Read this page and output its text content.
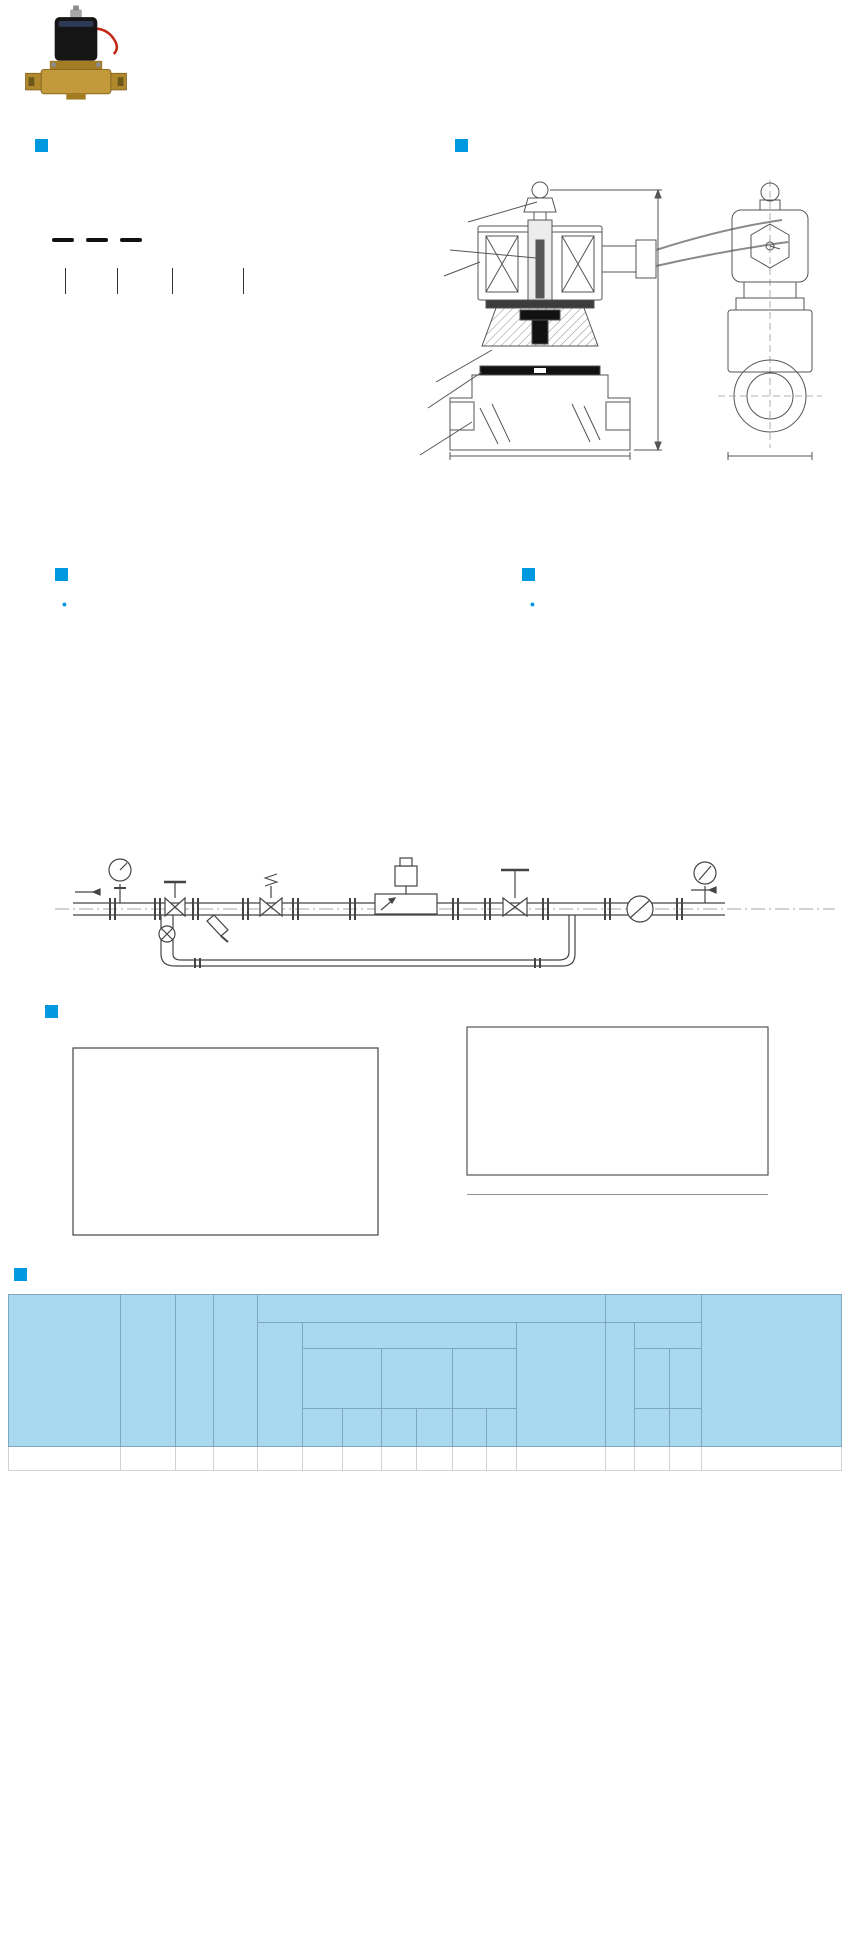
•	•
